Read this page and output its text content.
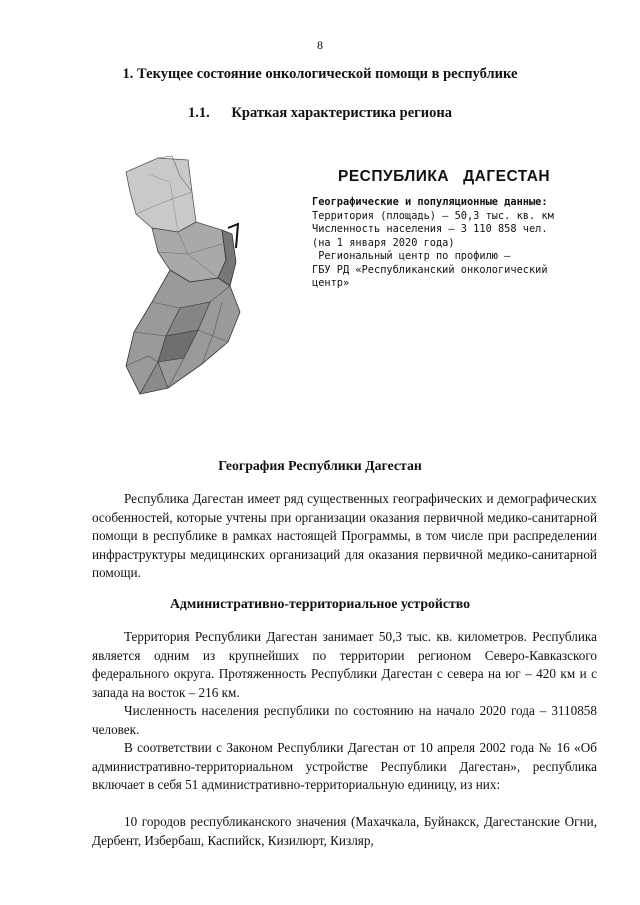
8
1. Текущее состояние онкологической помощи в республике
1.1. Краткая характеристика региона
РЕСПУБЛИКА ДАГЕСТАН
Географические и популяционные данные:
Территория (площадь) – 50,3 тыс. кв. км
Численность населения – 3 110 858 чел.
(на 1 января 2020 года)
Региональный центр по профилю –
ГБУ РД «Республиканский онкологический
центр»
География Республики Дагестан

Республика Дагестан имеет ряд существенных географических и демографических особенностей, которые учтены при организации оказания первичной медико-санитарной помощи в республике в рамках настоящей Программы, в том числе при распределении инфраструктуры медицинских организаций для оказания первичной медико-санитарной помощи.

Административно-территориальное устройство

Территория Республики Дагестан занимает 50,3 тыс. кв. километров. Республика является одним из крупнейших по территории регионом Северо-Кавказского федерального округа. Протяженность Республики Дагестан с севера на юг – 420 км и с запада на восток – 216 км.

Численность населения республики по состоянию на начало 2020 года – 3110858 человек.

В соответствии с Законом Республики Дагестан от 10 апреля 2002 года № 16 «Об административно-территориальном устройстве Республики Дагестан», республика включает в себя 51 административно-территориальную единицу, из них:

10 городов республиканского значения (Махачкала, Буйнакск, Дагестанские Огни, Дербент, Избербаш, Каспийск, Кизилюрт, Кизляр,
